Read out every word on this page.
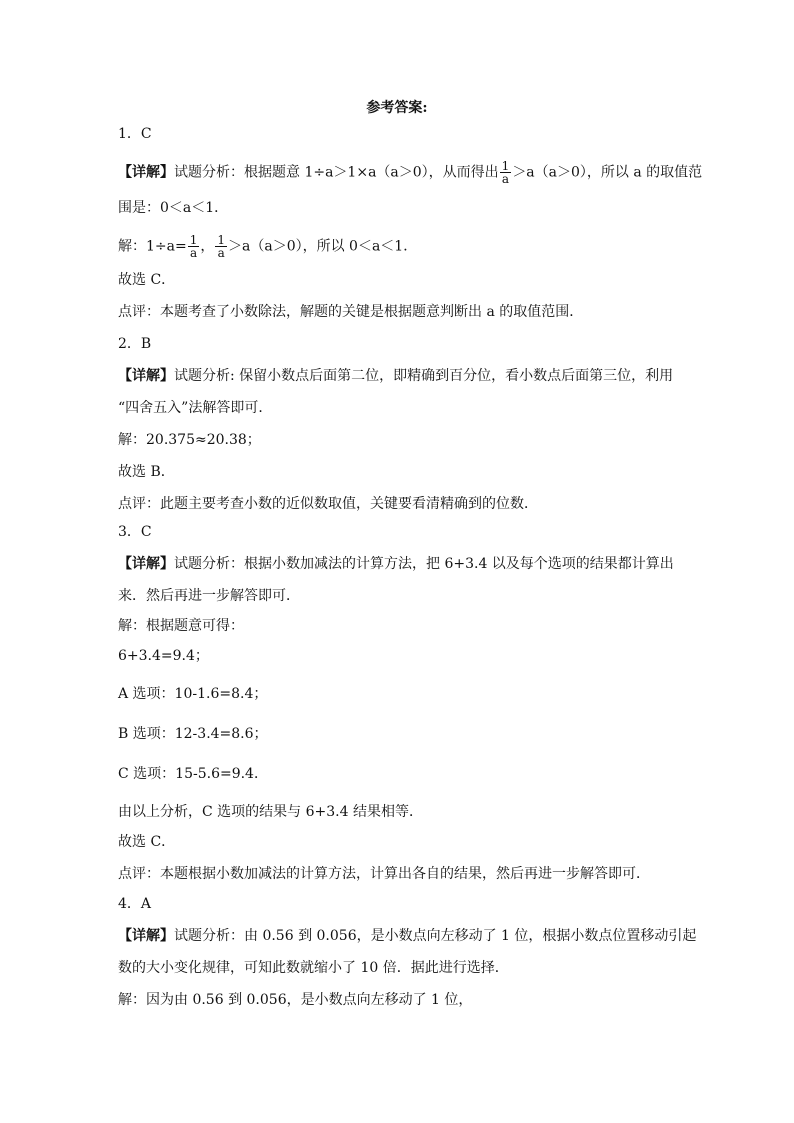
参考答案:
1．C
【详解】试题分析：根据题意 1÷a＞1×a（a＞0），从而得出 $\frac{1}{a} >a(a>0)$，所以 a 的取值范
围是：0＜a＜1．
解：$1\div a= \frac{1}{a}$ ， $\frac{1}{a} >a(a>0)$，所以 0＜a＜1．
故选 C．
点评：本题考查了小数除法，解题的关键是根据题意判断出 a 的取值范围．
2．B
【详解】试题分析: 保留小数点后面第二位，即精确到百分位，看小数点后面第三位，利用
“四舍五入”法解答即可．
解：20.375≈20.38；
故选 B．
点评：此题主要考查小数的近似数取值，关键要看清精确到的位数．
3．C
【详解】试题分析：根据小数加减法的计算方法，把 6+3.4 以及每个选项的结果都计算出
来．然后再进一步解答即可．
解：根据题意可得：
6+3.4=9.4；
A 选项：10-1.6=8.4；
B 选项：12-3.4=8.6；
C 选项：15-5.6=9.4．
由以上分析，C 选项的结果与 6+3.4 结果相等．
故选 C．
点评：本题根据小数加减法的计算方法，计算出各自的结果，然后再进一步解答即可．
4．A
【详解】试题分析：由 0.56 到 0.056，是小数点向左移动了 1 位，根据小数点位置移动引起
数的大小变化规律，可知此数就缩小了 10 倍．据此进行选择．
解：因为由 0.56 到 0.056，是小数点向左移动了 1 位，
